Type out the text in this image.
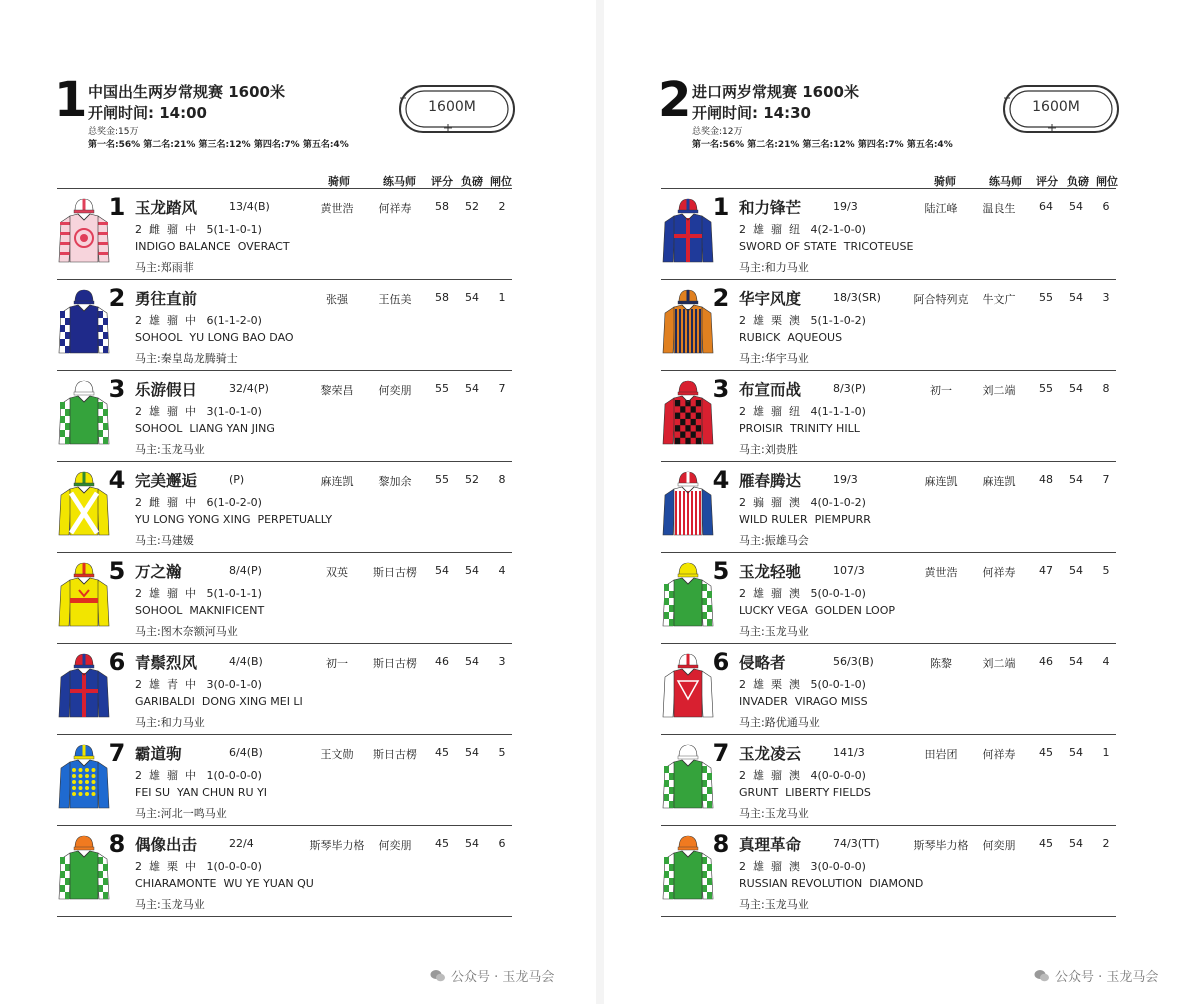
1 中国出生两岁常规赛 1600米
开闸时间: 14:00
总奖金:15万
第一名:56% 第二名:21% 第三名:12% 第四名:7% 第五名:4%
1600M
骑师	练马师 评分 负磅 闸位
1 玉龙踏风	13/4(B)	黄世浩	何祥寿	58	52	2
2  雌  骝  中   5(1-1-0-1)
INDIGO BALANCE  OVERACT
马主:郑雨菲
2 勇往直前	张强	王伍美	58	54	1
2  雄  骝  中   6(1-1-2-0)
SOHOOL  YU LONG BAO DAO
马主:秦皇岛龙腾骑士
3 乐游假日	32/4(P)	黎荣昌	何奕朋	55	54	7
2  雄  骝  中   3(1-0-1-0)
SOHOOL  LIANG YAN JING
马主:玉龙马业
4 完美邂逅	(P)	麻连凯	黎加余	55	52	8
2  雌  骝  中   6(1-0-2-0)
YU LONG YONG XING  PERPETUALLY
马主:马建媛
5 万之瀚	8/4(P)	双英	斯日古楞	54	54	4
2  雄  骝  中   5(1-0-1-1)
SOHOOL  MAKNIFICENT
马主:图木奈额河马业
6 青鬃烈风	4/4(B)	初一	斯日古楞	46	54	3
2  雄  青  中   3(0-0-1-0)
GARIBALDI  DONG XING MEI LI
马主:和力马业
7 霸道驹	6/4(B)	王文勋	斯日古楞	45	54	5
2  雄  骝  中   1(0-0-0-0)
FEI SU  YAN CHUN RU YI
马主:河北一鸣马业
8 偶像出击	22/4	斯琴毕力格	何奕朋	45	54	6
2  雄  栗  中   1(0-0-0-0)
CHIARAMONTE  WU YE YUAN QU
马主:玉龙马业
公众号 · 玉龙马会
2 进口两岁常规赛 1600米
开闸时间: 14:30
总奖金:12万
第一名:56% 第二名:21% 第三名:12% 第四名:7% 第五名:4%
1600M
骑师	练马师 评分 负磅 闸位
1 和力锋芒	19/3	陆江峰	温良生	64	54	6
2  雄  骝  纽   4(2-1-0-0)
SWORD OF STATE  TRICOTEUSE
马主:和力马业
2 华宇风度	18/3(SR)	阿合特列克	牛文广	55	54	3
2  雄  栗  澳   5(1-1-0-2)
RUBICK  AQUEOUS
马主:华宇马业
3 布宣而战	8/3(P)	初一	刘二端	55	54	8
2  雄  骝  纽   4(1-1-1-0)
PROISIR  TRINITY HILL
马主:刘贵胜
4 雁春腾达	19/3	麻连凯	麻连凯	48	54	7
2  骟  骝  澳   4(0-1-0-2)
WILD RULER  PIEMPURR
马主:振雄马会
5 玉龙轻驰	107/3	黄世浩	何祥寿	47	54	5
2  雄  骝  澳   5(0-0-1-0)
LUCKY VEGA  GOLDEN LOOP
马主:玉龙马业
6 侵略者	56/3(B)	陈黎	刘二端	46	54	4
2  雄  栗  澳   5(0-0-1-0)
INVADER  VIRAGO MISS
马主:路优通马业
7 玉龙凌云	141/3	田岩团	何祥寿	45	54	1
2  雄  骝  澳   4(0-0-0-0)
GRUNT  LIBERTY FIELDS
马主:玉龙马业
8 真理革命	74/3(TT)	斯琴毕力格	何奕朋	45	54	2
2  雄  骝  澳   3(0-0-0-0)
RUSSIAN REVOLUTION  DIAMOND
马主:玉龙马业
公众号 · 玉龙马会
